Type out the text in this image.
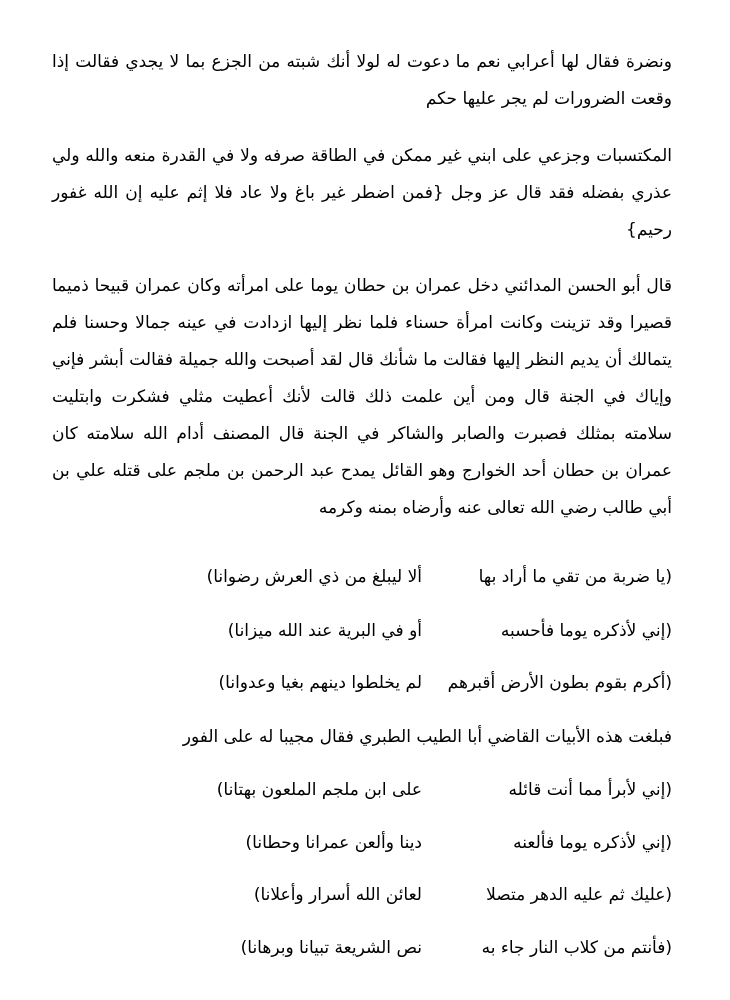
ونضرة فقال لها أعرابي نعم ما دعوت له لولا أنك شبته من الجزع بما لا يجدي فقالت إذا وقعت الضرورات لم يجر عليها حكم

المكتسبات وجزعي على ابني غير ممكن في الطاقة صرفه ولا في القدرة منعه والله ولي عذري بفضله فقد قال عز وجل {فمن اضطر غير باغ ولا عاد فلا إثم عليه إن الله غفور رحيم}

قال أبو الحسن المدائني دخل عمران بن حطان يوما على امرأته وكان عمران قبيحا ذميما قصيرا وقد تزينت وكانت امرأة حسناء فلما نظر إليها ازدادت في عينه جمالا وحسنا فلم يتمالك أن يديم النظر إليها فقالت ما شأنك قال لقد أصبحت والله جميلة فقالت أبشر فإني وإياك في الجنة قال ومن أين علمت ذلك قالت لأنك أعطيت مثلي فشكرت وابتليت سلامته بمثلك فصبرت والصابر والشاكر في الجنة قال المصنف أدام الله سلامته كان عمران بن حطان أحد الخوارج وهو القائل يمدح عبد الرحمن بن ملجم على قتله علي بن أبي طالب رضي الله تعالى عنه وأرضاه بمنه وكرمه

(يا ضربة من تقي ما أراد بهاألا ليبلغ من ذي العرش رضوانا)
(إني لأذكره يوما فأحسبهأو في البرية عند الله ميزانا)
(أكرم بقوم بطون الأرض أقبرهملم يخلطوا دينهم بغيا وعدوانا)
فبلغت هذه الأبيات القاضي أبا الطيب الطبري فقال مجيبا له على الفور
(إني لأبرأ مما أنت قائلهعلى ابن ملجم الملعون بهتانا)
(إني لأذكره يوما فألعنهدينا وألعن عمرانا وحطانا)
(عليك ثم عليه الدهر متصلالعائن الله أسرار وأعلانا)
(فأنتم من كلاب النار جاء بهنص الشريعة تبيانا وبرهانا)
